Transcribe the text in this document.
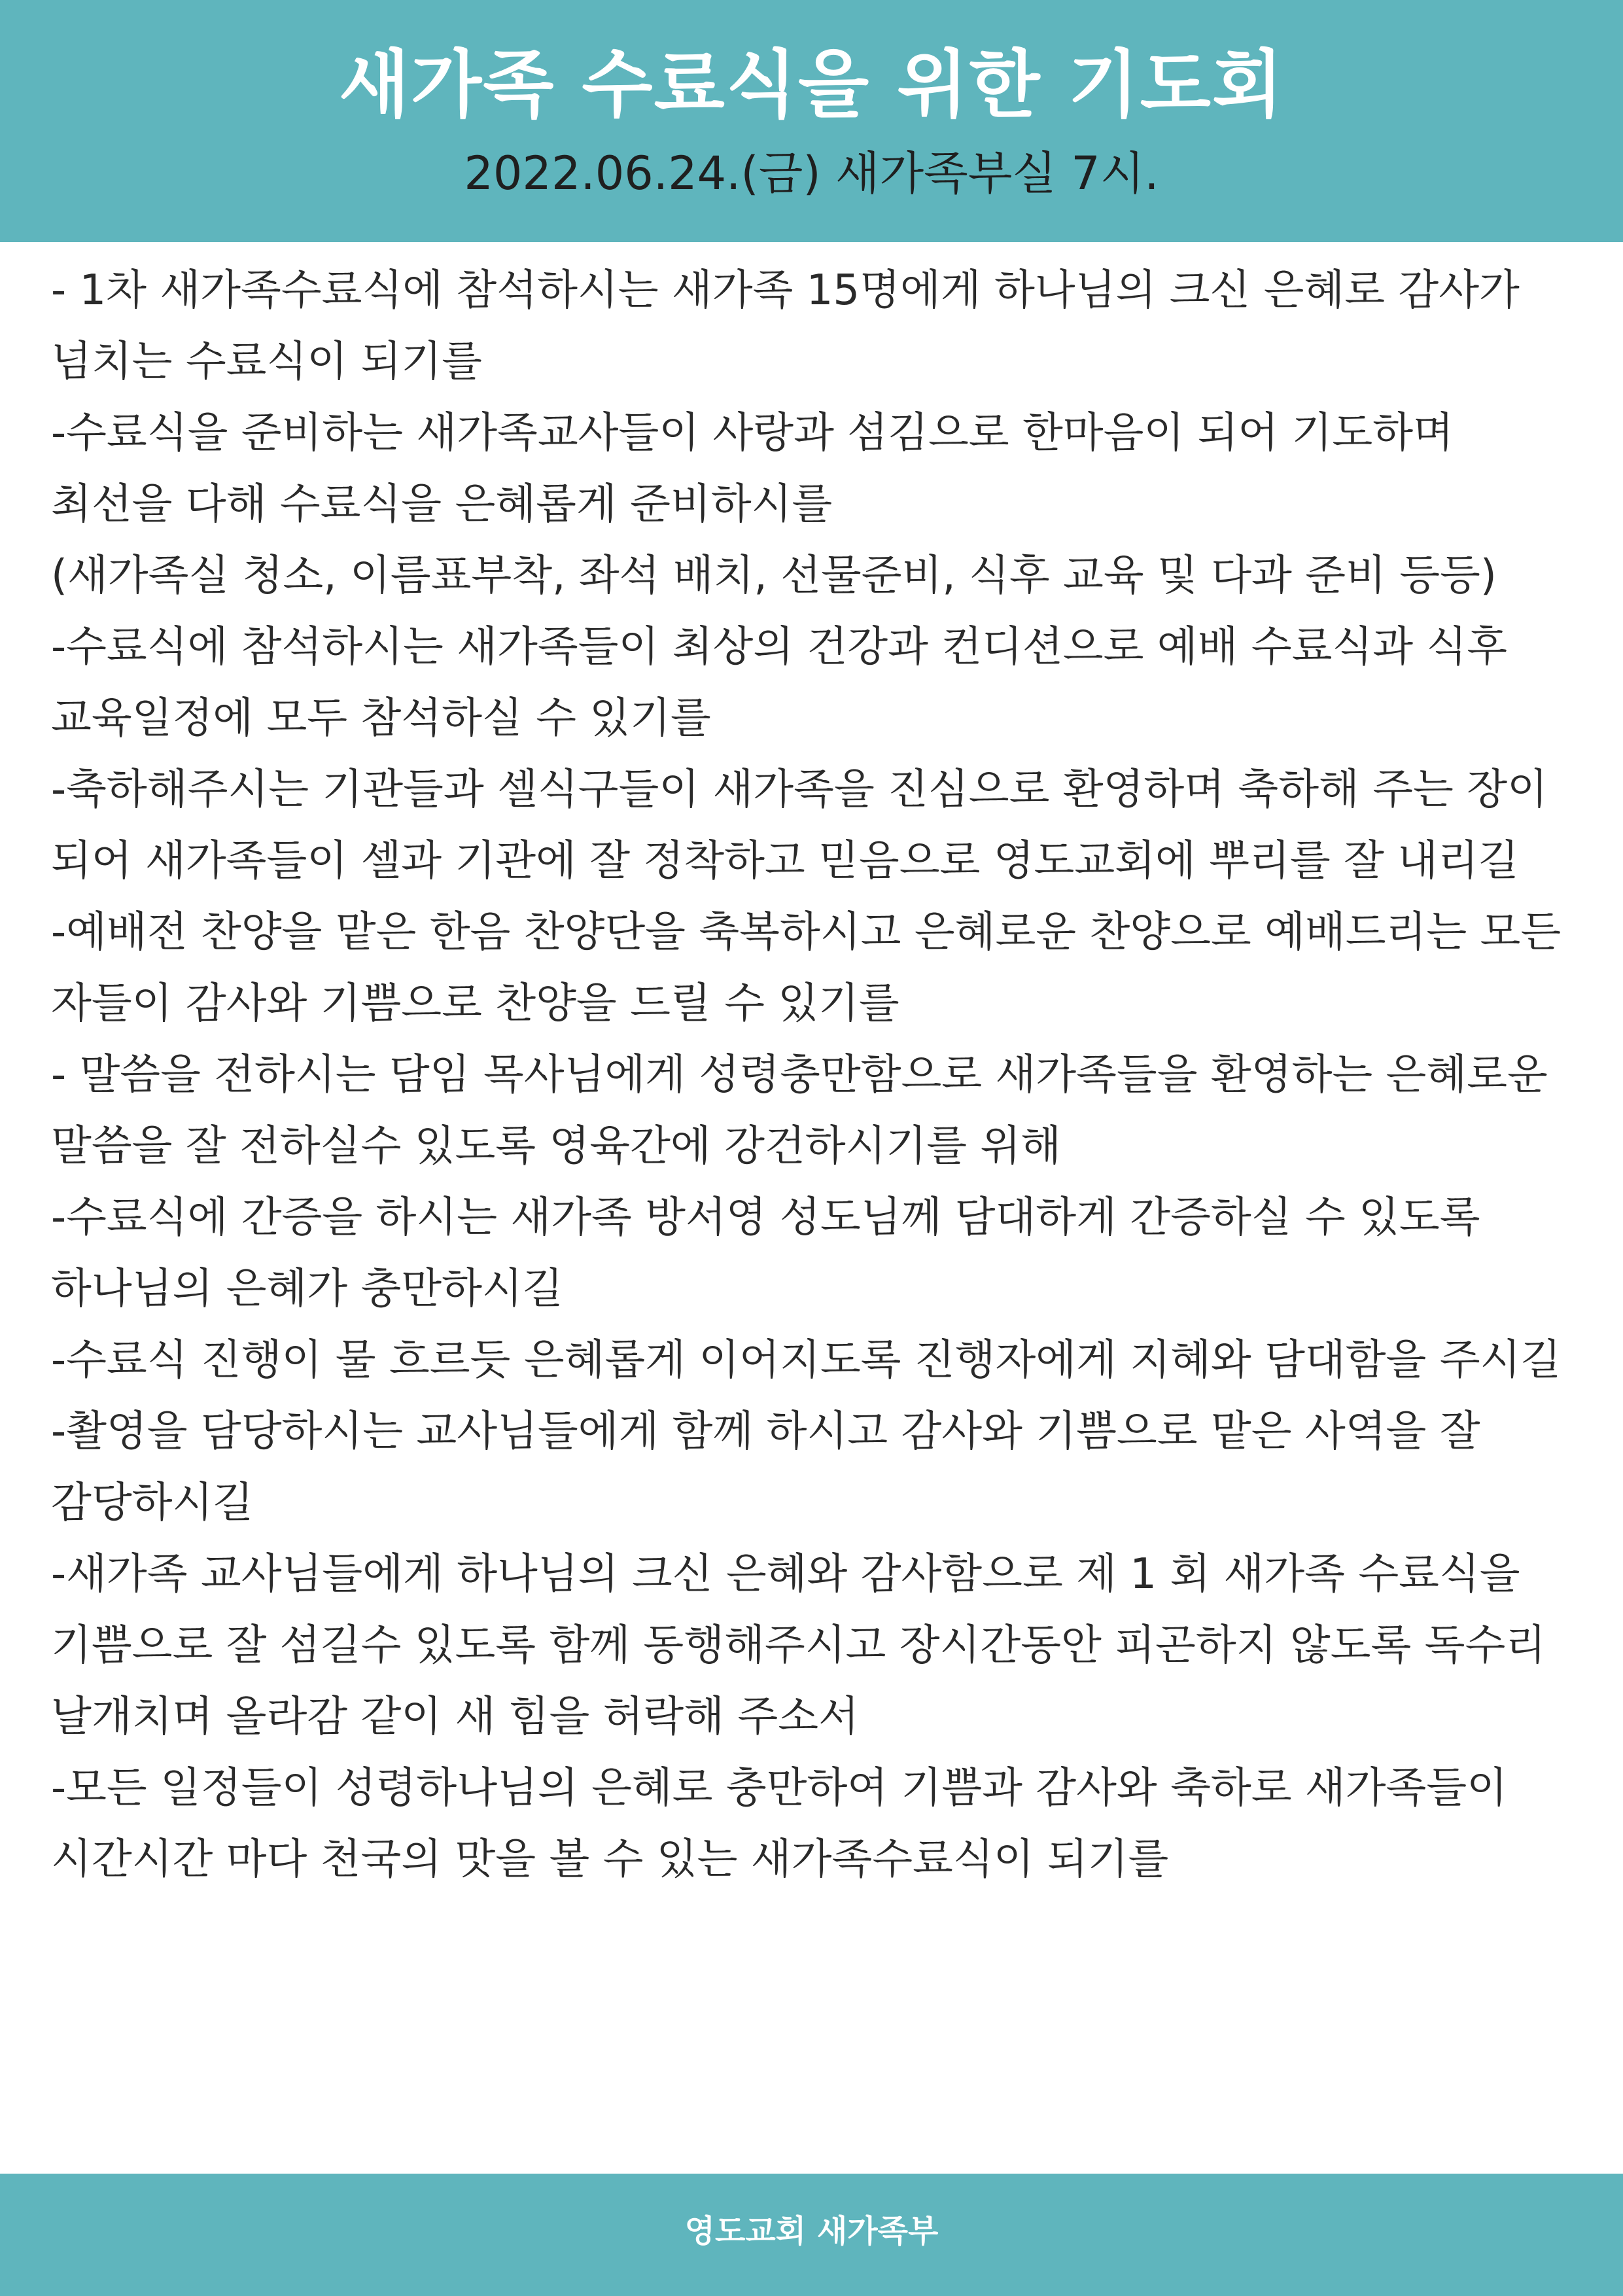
새가족 수료식을 위한 기도회
2022.06.24.(금) 새가족부실 7시.
- 1차 새가족수료식에 참석하시는 새가족 15명에게 하나님의 크신 은혜로 감사가 넘치는 수료식이 되기를
-수료식을 준비하는 새가족교사들이 사랑과 섬김으로 한마음이 되어 기도하며 최선을 다해 수료식을 은혜롭게 준비하시를
(새가족실 청소, 이름표부착, 좌석 배치, 선물준비, 식후 교육 및 다과 준비 등등)
-수료식에 참석하시는 새가족들이 최상의 건강과 컨디션으로 예배 수료식과 식후 교육일정에 모두 참석하실 수 있기를
-축하해주시는 기관들과 셀식구들이 새가족을 진심으로 환영하며 축하해 주는 장이 되어 새가족들이 셀과 기관에 잘 정착하고 믿음으로 영도교회에 뿌리를 잘 내리길
-예배전 찬양을 맡은 한음 찬양단을 축복하시고 은혜로운 찬양으로 예배드리는 모든 자들이 감사와 기쁨으로 찬양을 드릴 수 있기를
- 말씀을 전하시는 담임 목사님에게 성령충만함으로 새가족들을 환영하는 은혜로운 말씀을 잘 전하실수 있도록 영육간에 강건하시기를 위해
-수료식에 간증을 하시는 새가족 방서영 성도님께 담대하게 간증하실 수 있도록 하나님의 은혜가 충만하시길
-수료식 진행이 물 흐르듯 은혜롭게 이어지도록 진행자에게 지혜와 담대함을 주시길
-촬영을 담당하시는 교사님들에게 함께 하시고 감사와 기쁨으로 맡은 사역을 잘 감당하시길
-새가족 교사님들에게 하나님의 크신 은혜와 감사함으로 제 1 회 새가족 수료식을 기쁨으로 잘 섬길수 있도록 함께 동행해주시고 장시간동안 피곤하지 않도록 독수리 날개치며 올라감 같이 새 힘을 허락해 주소서
-모든 일정들이 성령하나님의 은혜로 충만하여 기쁨과 감사와 축하로 새가족들이 시간시간 마다 천국의 맛을 볼 수 있는 새가족수료식이 되기를
영도교회 새가족부
